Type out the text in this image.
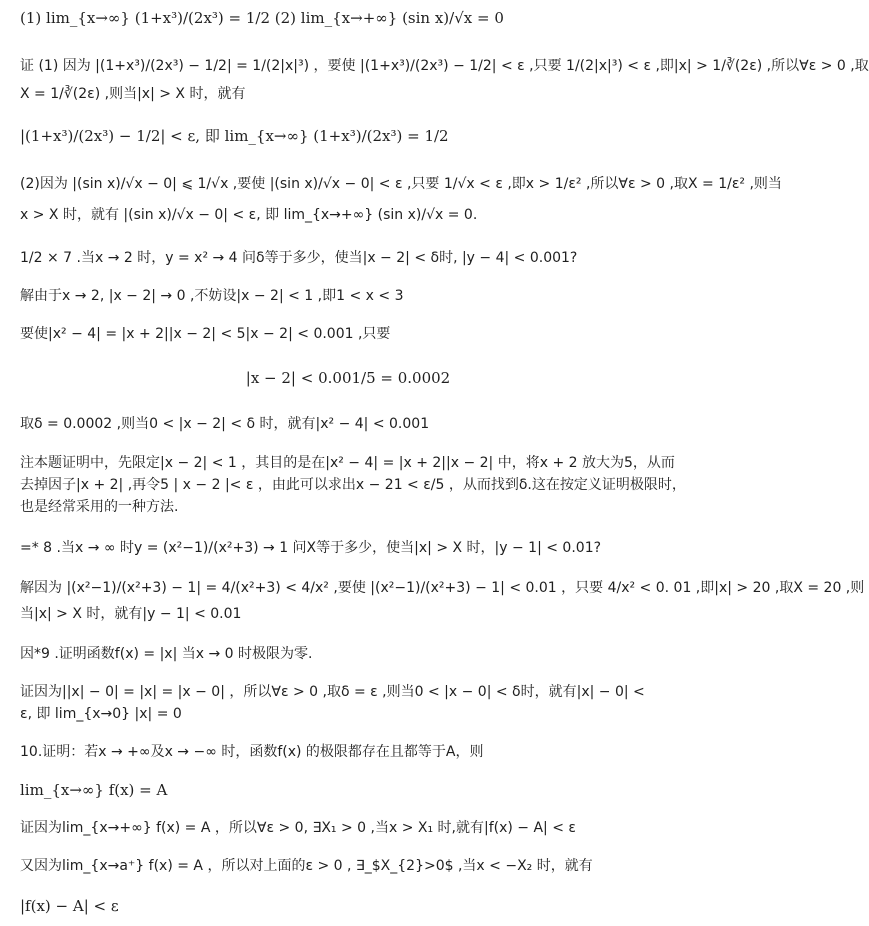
(1) lim_{x→∞} (1+x³)/(2x³) = 1/2 (2) lim_{x→+∞} (sin x)/√x = 0
证 (1) 因为 |(1+x³)/(2x³) − 1/2| = 1/(2|x|³) ，要使 |(1+x³)/(2x³) − 1/2| < ε ,只要 1/(2|x|³) < ε ,即|x| > 1/∛(2ε) ,所以∀ε > 0 ,取
X = 1/∛(2ε) ,则当|x| > X 时，就有
|(1+x³)/(2x³) − 1/2| < ε, 即 lim_{x→∞} (1+x³)/(2x³) = 1/2
(2)因为 |(sin x)/√x − 0| ⩽ 1/√x ,要使 |(sin x)/√x − 0| < ε ,只要 1/√x < ε ,即x > 1/ε² ,所以∀ε > 0 ,取X = 1/ε² ,则当
x > X 时，就有 |(sin x)/√x − 0| < ε, 即 lim_{x→+∞} (sin x)/√x = 0.
1/2 × 7 .当x → 2 时，y = x² → 4 问δ等于多少，使当|x − 2| < δ时, |y − 4| < 0.001?
解由于x → 2, |x − 2| → 0 ,不妨设|x − 2| < 1 ,即1 < x < 3
要使|x² − 4| = |x + 2||x − 2| < 5|x − 2| < 0.001 ,只要
|x − 2| < 0.001/5 = 0.0002
取δ = 0.0002 ,则当0 < |x − 2| < δ 时，就有|x² − 4| < 0.001
注本题证明中，先限定|x − 2| < 1 ，其目的是在|x² − 4| = |x + 2||x − 2| 中，将x + 2 放大为5，从而去掉因子|x + 2| ,再令5 | x − 2 |< ε ，由此可以求出x − 21 < ε/5 ，从而找到δ.这在按定义证明极限时，也是经常采用的一种方法.
=* 8 .当x → ∞ 时y = (x²−1)/(x²+3) → 1 问X等于多少，使当|x| > X 时，|y − 1| < 0.01?
解因为 |(x²−1)/(x²+3) − 1| = 4/(x²+3) < 4/x² ,要使 |(x²−1)/(x²+3) − 1| < 0.01 ，只要 4/x² < 0. 01 ,即|x| > 20 ,取X = 20 ,则
当|x| > X 时，就有|y − 1| < 0.01
因*9 .证明函数f(x) = |x| 当x → 0 时极限为零.
证因为||x| − 0| = |x| = |x − 0| ，所以∀ε > 0 ,取δ = ε ,则当0 < |x − 0| < δ时，就有|x| − 0| <
ε, 即 lim_{x→0} |x| = 0
10.证明：若x → +∞及x → −∞ 时，函数f(x) 的极限都存在且都等于A，则
lim_{x→∞} f(x) = A
证因为lim_{x→+∞} f(x) = A ，所以∀ε > 0, ∃X₁ > 0 ,当x > X₁ 时,就有|f(x) − A| < ε
又因为lim_{x→a⁺} f(x) = A ，所以对上面的ε > 0 , ∃_$X_{2}>0$ ,当x < −X₂ 时，就有
|f(x) − A| < ε
